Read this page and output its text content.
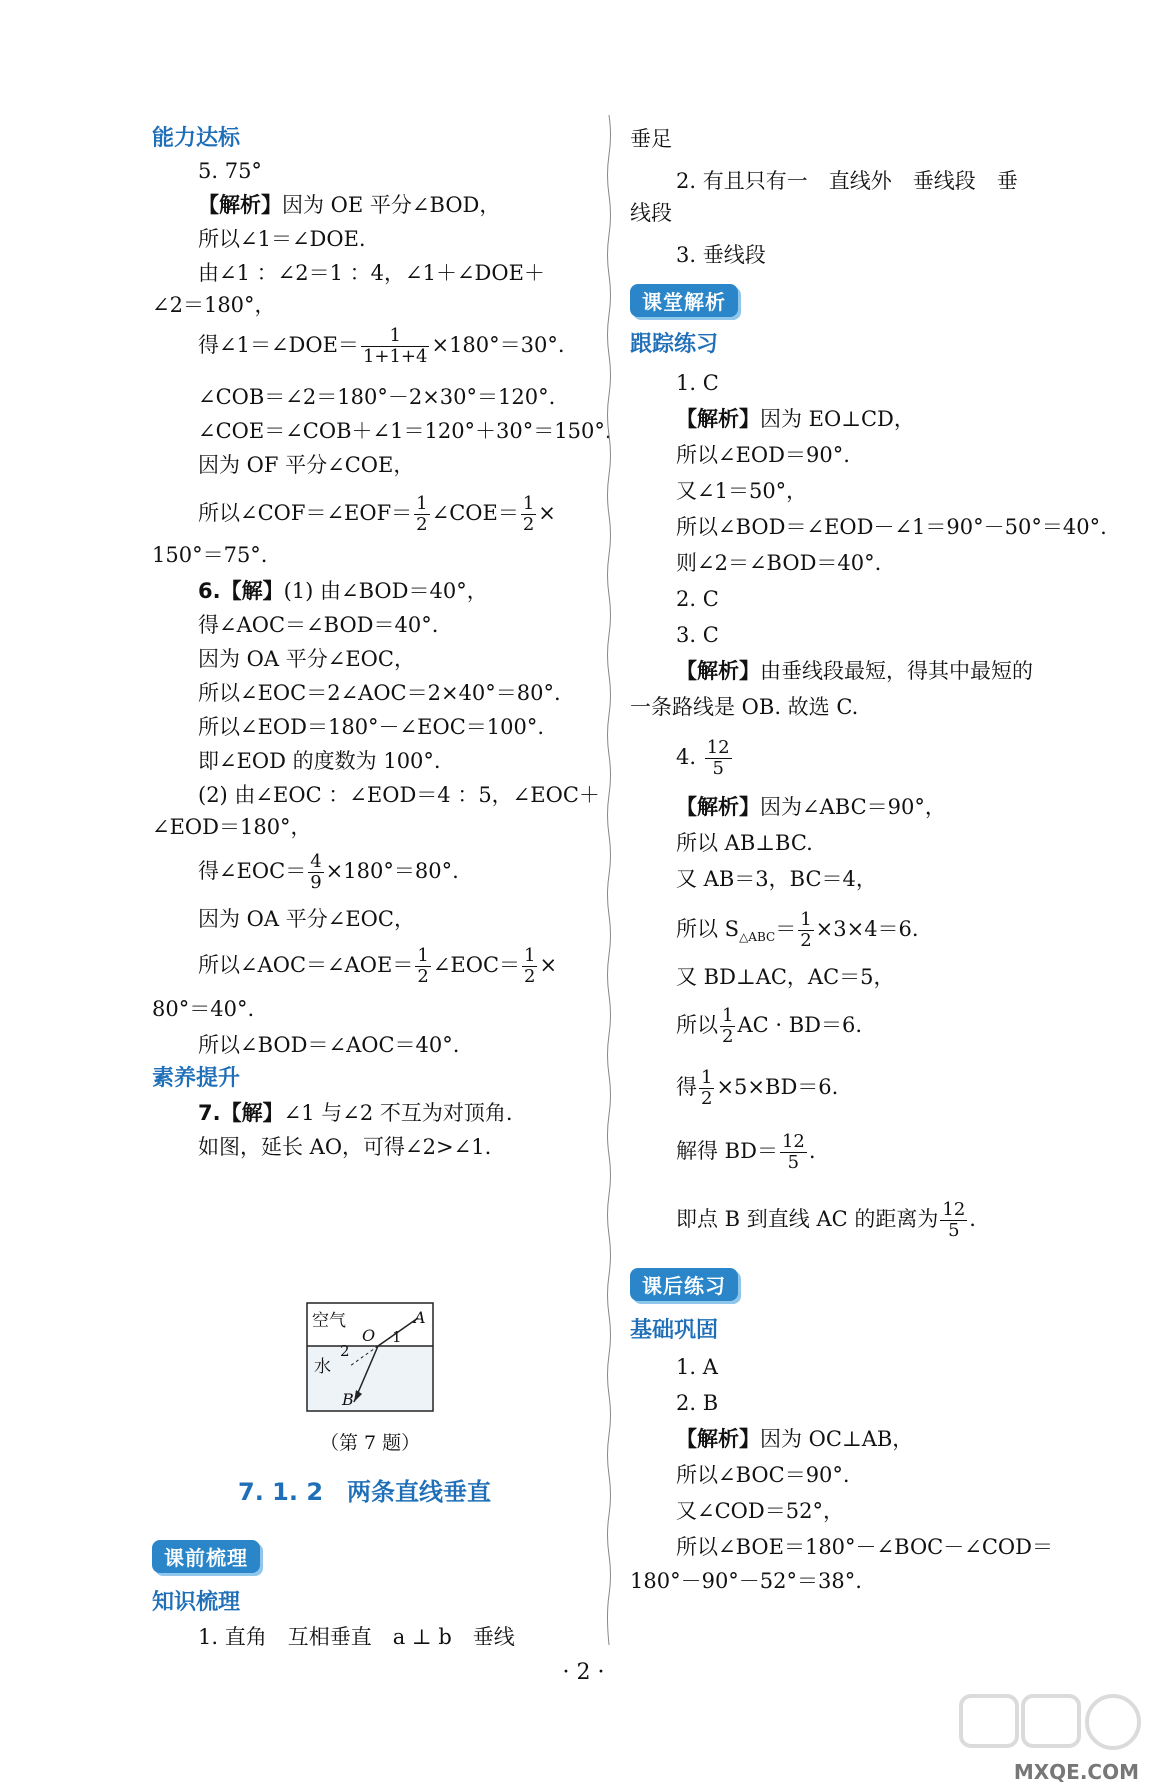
能力达标
5. 75°
【解析】因为 OE 平分∠BOD，
所以∠1＝∠DOE.
由∠1 ：∠2＝1 ：4，∠1＋∠DOE＋
∠2＝180°，
得∠1＝∠DOE＝ $\frac{1}{1+1+4} \times 180^\circ=30^\circ$.
∠COB＝∠2＝180°－2×30°＝120°.
∠COE＝∠COB＋∠1＝120°＋30°＝150°.
因为 OF 平分∠COE，
所以∠COF＝∠EOF＝ $\frac{1}{2}$ ∠COE＝ $\frac{1}{2}$ ×
150°＝75°.
6.【解】(1) 由∠BOD＝40°，
得∠AOC＝∠BOD＝40°.
因为 OA 平分∠EOC，
所以∠EOC＝2∠AOC＝2×40°＝80°.
所以∠EOD＝180°－∠EOC＝100°.
即∠EOD 的度数为 100°.
(2) 由∠EOC ：∠EOD＝4 ：5，∠EOC＋
∠EOD＝180°，
得∠EOC＝ $\frac{4}{9} \times 180^\circ=80^\circ$.
因为 OA 平分∠EOC，
所以∠AOC＝∠AOE＝ $\frac{1}{2}$ ∠EOC＝ $\frac{1}{2}$ ×
80°＝40°.
所以∠BOD＝∠AOC＝40°.
素养提升
7.【解】∠1 与∠2 不互为对顶角.
如图，延长 AO，可得∠2>∠1.
课前梳理
知识梳理
1. 直角　互相垂直　a ⊥ b　垂线
空气
水
O
A
B
1
2
（第 7 题）
7. 1. 2　两条直线垂直
垂足
2. 有且只有一　直线外　垂线段　垂
线段
3. 垂线段
课堂解析
跟踪练习
1. C
【解析】因为 EO⊥CD，
所以∠EOD＝90°.
又∠1＝50°，
所以∠BOD＝∠EOD－∠1＝90°－50°＝40°.
则∠2＝∠BOD＝40°.
2. C
3. C
【解析】由垂线段最短，得其中最短的
一条路线是 OB. 故选 C.
4. $\frac{12}{5}$
【解析】因为∠ABC＝90°，
所以 AB⊥BC.
又 AB＝3，BC＝4，
所以 $S_{\triangle ABC}= \frac{1}{2} \times 3\times 4=6$.
又 BD⊥AC，AC＝5，
所以 $\frac{1}{2}$ AC · BD＝6.
得 $\frac{1}{2} \times 5\times BD=6$.
解得 $BD= \frac{12}{5}$ .
即点 B 到直线 AC 的距离为 $\frac{12}{5}$ .
课后练习
基础巩固
1. A
2. B
【解析】因为 OC⊥AB，
所以∠BOC＝90°.
又∠COD＝52°，
所以∠BOE＝180°－∠BOC－∠COD＝
180°－90°－52°＝38°.
· 2 ·
MXQE.COM
